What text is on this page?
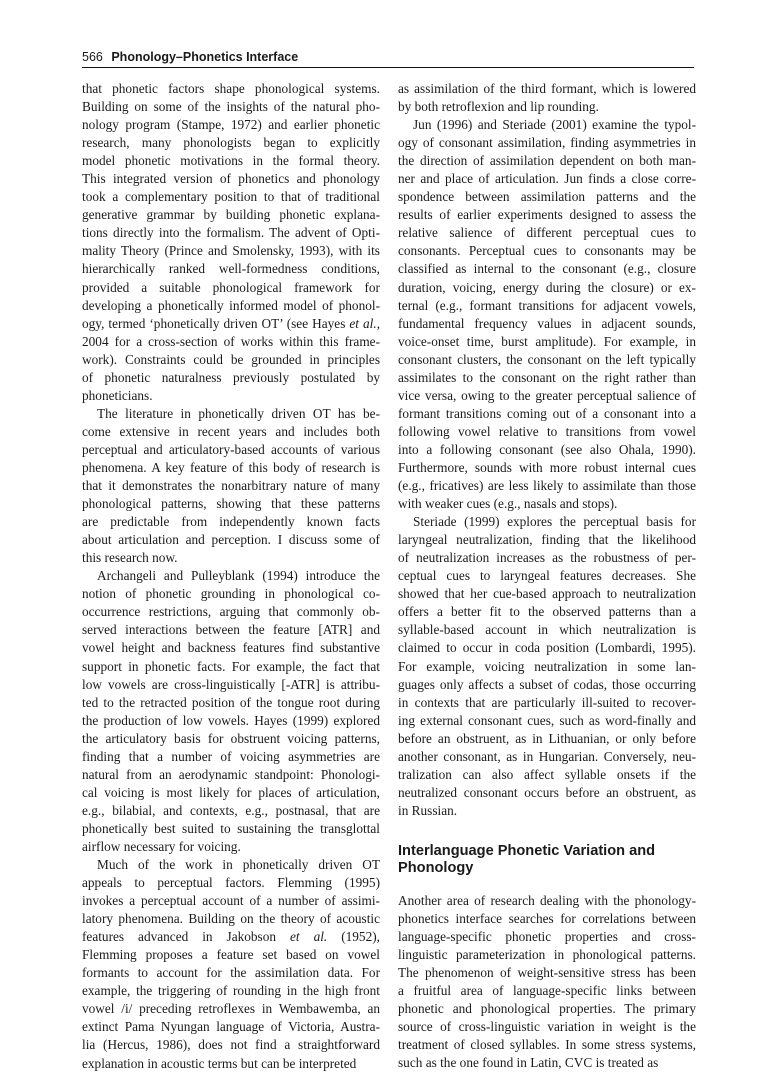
566 Phonology–Phonetics Interface

that phonetic factors shape phonological systems.
Building on some of the insights of the natural pho-
nology program (Stampe, 1972) and earlier phonetic
research, many phonologists began to explicitly
model phonetic motivations in the formal theory.
This integrated version of phonetics and phonology
took a complementary position to that of traditional
generative grammar by building phonetic explana-
tions directly into the formalism. The advent of Opti-
mality Theory (Prince and Smolensky, 1993), with its
hierarchically ranked well-formedness conditions,
provided a suitable phonological framework for
developing a phonetically informed model of phonol-
ogy, termed ‘phonetically driven OT’ (see Hayes et al.,
2004 for a cross-section of works within this frame-
work). Constraints could be grounded in principles
of phonetic naturalness previously postulated by
phoneticians.

The literature in phonetically driven OT has be-
come extensive in recent years and includes both
perceptual and articulatory-based accounts of various
phenomena. A key feature of this body of research is
that it demonstrates the nonarbitrary nature of many
phonological patterns, showing that these patterns
are predictable from independently known facts
about articulation and perception. I discuss some of
this research now.

Archangeli and Pulleyblank (1994) introduce the
notion of phonetic grounding in phonological co-
occurrence restrictions, arguing that commonly ob-
served interactions between the feature [ATR] and
vowel height and backness features find substantive
support in phonetic facts. For example, the fact that
low vowels are cross-linguistically [-ATR] is attribu-
ted to the retracted position of the tongue root during
the production of low vowels. Hayes (1999) explored
the articulatory basis for obstruent voicing patterns,
finding that a number of voicing asymmetries are
natural from an aerodynamic standpoint: Phonologi-
cal voicing is most likely for places of articulation,
e.g., bilabial, and contexts, e.g., postnasal, that are
phonetically best suited to sustaining the transglottal
airflow necessary for voicing.

Much of the work in phonetically driven OT
appeals to perceptual factors. Flemming (1995)
invokes a perceptual account of a number of assimi-
latory phenomena. Building on the theory of acoustic
features advanced in Jakobson et al. (1952),
Flemming proposes a feature set based on vowel
formants to account for the assimilation data. For
example, the triggering of rounding in the high front
vowel /i/ preceding retroflexes in Wembawemba, an
extinct Pama Nyungan language of Victoria, Austra-
lia (Hercus, 1986), does not find a straightforward
explanation in acoustic terms but can be interpreted

as assimilation of the third formant, which is lowered
by both retroflexion and lip rounding.

Jun (1996) and Steriade (2001) examine the typol-
ogy of consonant assimilation, finding asymmetries in
the direction of assimilation dependent on both man-
ner and place of articulation. Jun finds a close corre-
spondence between assimilation patterns and the
results of earlier experiments designed to assess the
relative salience of different perceptual cues to
consonants. Perceptual cues to consonants may be
classified as internal to the consonant (e.g., closure
duration, voicing, energy during the closure) or ex-
ternal (e.g., formant transitions for adjacent vowels,
fundamental frequency values in adjacent sounds,
voice-onset time, burst amplitude). For example, in
consonant clusters, the consonant on the left typically
assimilates to the consonant on the right rather than
vice versa, owing to the greater perceptual salience of
formant transitions coming out of a consonant into a
following vowel relative to transitions from vowel
into a following consonant (see also Ohala, 1990).
Furthermore, sounds with more robust internal cues
(e.g., fricatives) are less likely to assimilate than those
with weaker cues (e.g., nasals and stops).

Steriade (1999) explores the perceptual basis for
laryngeal neutralization, finding that the likelihood
of neutralization increases as the robustness of per-
ceptual cues to laryngeal features decreases. She
showed that her cue-based approach to neutralization
offers a better fit to the observed patterns than a
syllable-based account in which neutralization is
claimed to occur in coda position (Lombardi, 1995).
For example, voicing neutralization in some lan-
guages only affects a subset of codas, those occurring
in contexts that are particularly ill-suited to recover-
ing external consonant cues, such as word-finally and
before an obstruent, as in Lithuanian, or only before
another consonant, as in Hungarian. Conversely, neu-
tralization can also affect syllable onsets if the
neutralized consonant occurs before an obstruent, as
in Russian.

Interlanguage Phonetic Variation and Phonology

Another area of research dealing with the phonology-
phonetics interface searches for correlations between
language-specific phonetic properties and cross-
linguistic parameterization in phonological patterns.
The phenomenon of weight-sensitive stress has been
a fruitful area of language-specific links between
phonetic and phonological properties. The primary
source of cross-linguistic variation in weight is the
treatment of closed syllables. In some stress systems,
such as the one found in Latin, CVC is treated as
